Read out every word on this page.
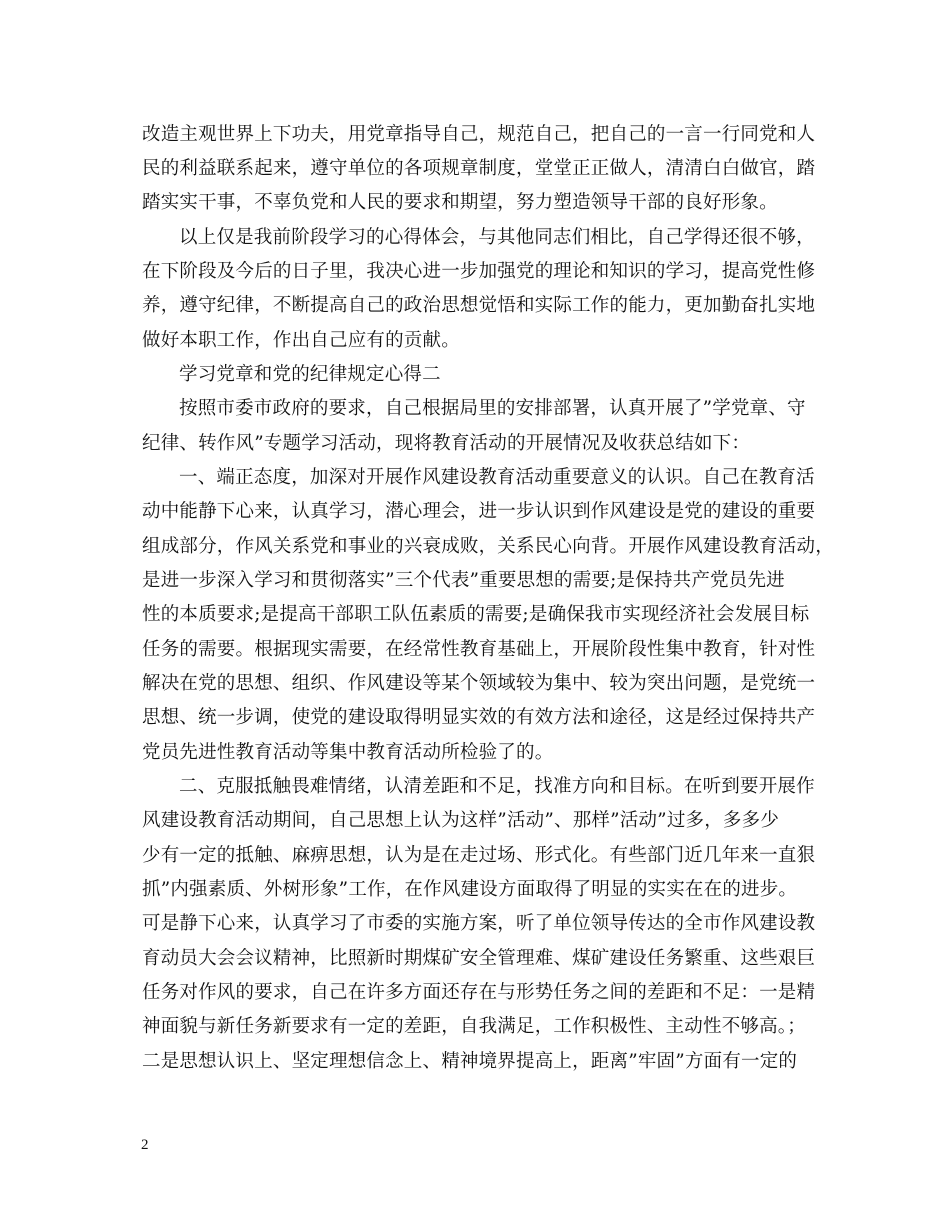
改造主观世界上下功夫，用党章指导自己，规范自己，把自己的一言一行同党和人
民的利益联系起来，遵守单位的各项规章制度，堂堂正正做人，清清白白做官，踏
踏实实干事，不辜负党和人民的要求和期望，努力塑造领导干部的良好形象。
以上仅是我前阶段学习的心得体会，与其他同志们相比，自己学得还很不够，
在下阶段及今后的日子里，我决心进一步加强党的理论和知识的学习，提高党性修
养，遵守纪律，不断提高自己的政治思想觉悟和实际工作的能力，更加勤奋扎实地
做好本职工作，作出自己应有的贡献。
学习党章和党的纪律规定心得二
按照市委市政府的要求，自己根据局里的安排部署，认真开展了”学党章、守
纪律、转作风”专题学习活动，现将教育活动的开展情况及收获总结如下：
一、端正态度，加深对开展作风建设教育活动重要意义的认识。自己在教育活
动中能静下心来，认真学习，潜心理会，进一步认识到作风建设是党的建设的重要
组成部分，作风关系党和事业的兴衰成败，关系民心向背。开展作风建设教育活动，
是进一步深入学习和贯彻落实”三个代表”重要思想的需要;是保持共产党员先进
性的本质要求;是提高干部职工队伍素质的需要;是确保我市实现经济社会发展目标
任务的需要。根据现实需要，在经常性教育基础上，开展阶段性集中教育，针对性
解决在党的思想、组织、作风建设等某个领域较为集中、较为突出问题，是党统一
思想、统一步调，使党的建设取得明显实效的有效方法和途径，这是经过保持共产
党员先进性教育活动等集中教育活动所检验了的。
二、克服抵触畏难情绪，认清差距和不足，找准方向和目标。在听到要开展作
风建设教育活动期间，自己思想上认为这样”活动”、那样”活动”过多，多多少
少有一定的抵触、麻痹思想，认为是在走过场、形式化。有些部门近几年来一直狠
抓”内强素质、外树形象”工作，在作风建设方面取得了明显的实实在在的进步。
可是静下心来，认真学习了市委的实施方案，听了单位领导传达的全市作风建设教
育动员大会会议精神，比照新时期煤矿安全管理难、煤矿建设任务繁重、这些艰巨
任务对作风的要求，自己在许多方面还存在与形势任务之间的差距和不足：一是精
神面貌与新任务新要求有一定的差距，自我满足，工作积极性、主动性不够高。；
二是思想认识上、坚定理想信念上、精神境界提高上，距离”牢固”方面有一定的
2
